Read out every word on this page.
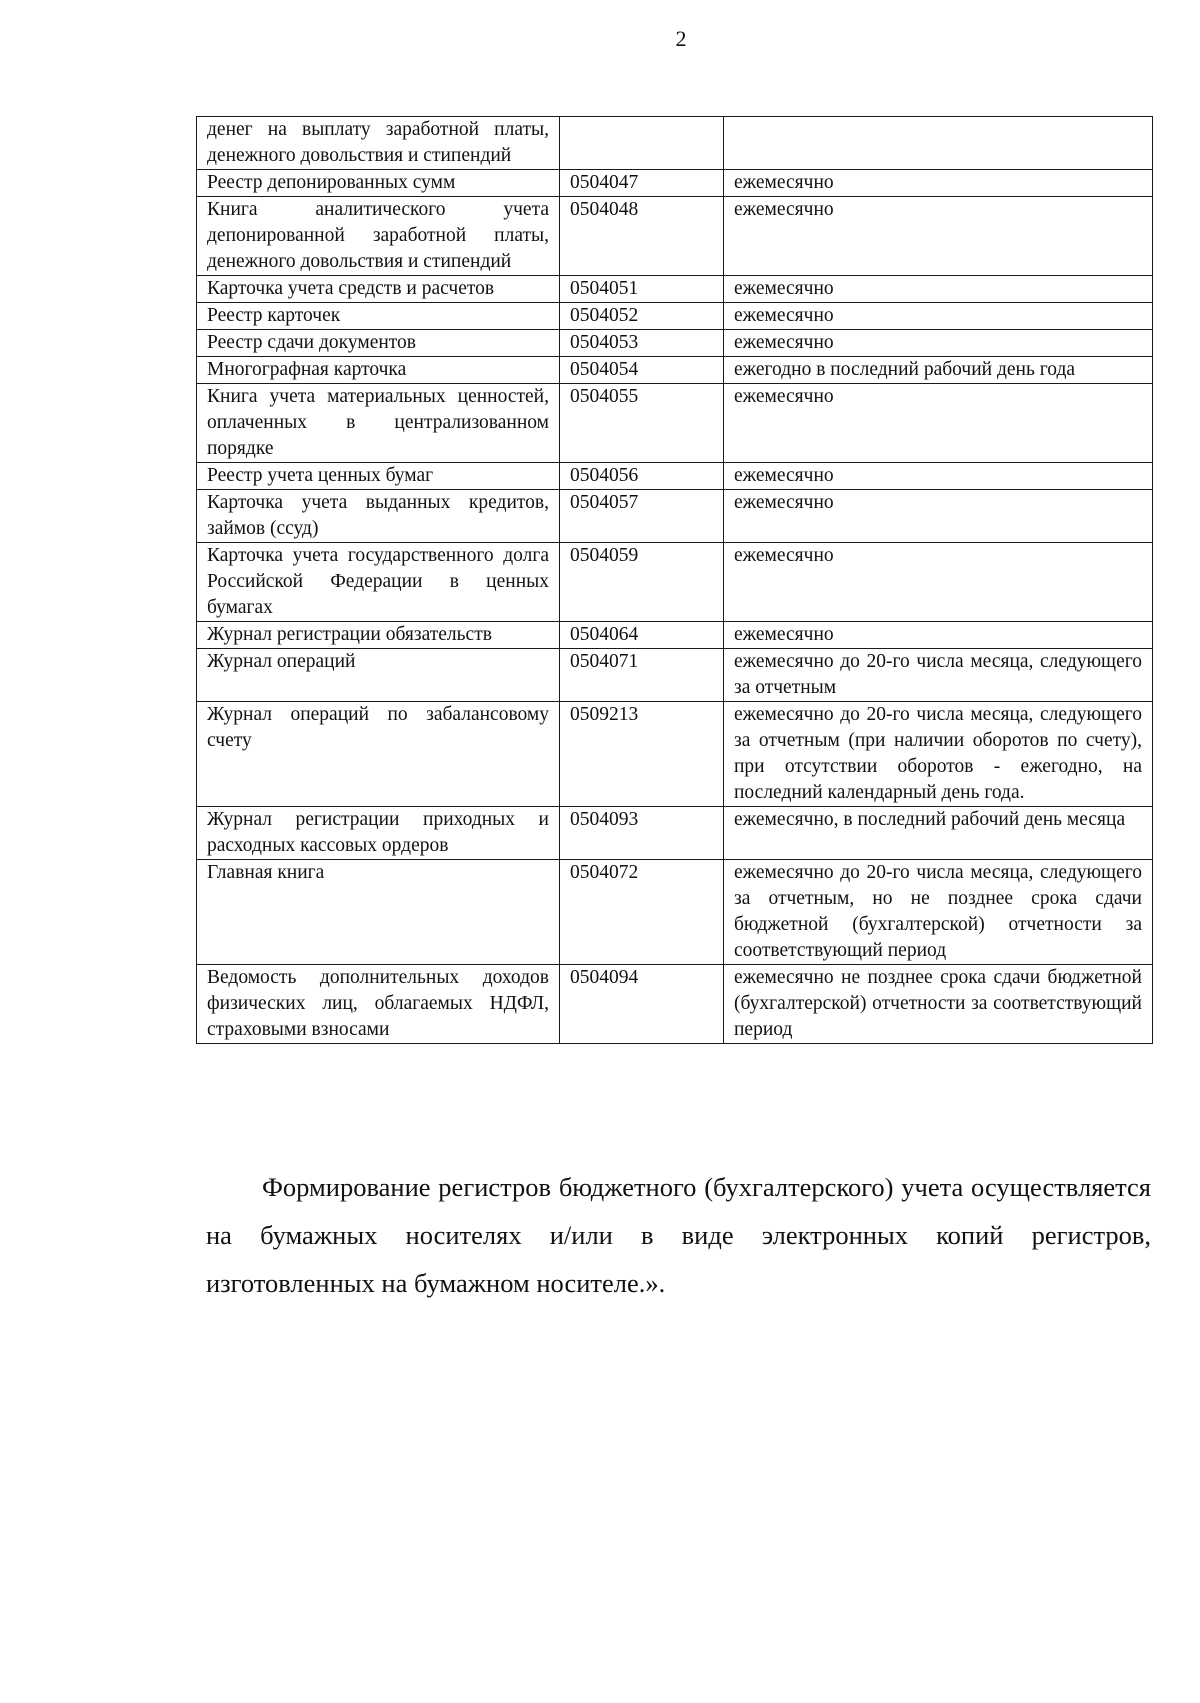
2
денег на выплату заработной платы, денежного довольствия и стипендий		
Реестр депонированных сумм	0504047	ежемесячно
Книга аналитического учета депонированной заработной платы, денежного довольствия и стипендий	0504048	ежемесячно
Карточка учета средств и расчетов	0504051	ежемесячно
Реестр карточек	0504052	ежемесячно
Реестр сдачи документов	0504053	ежемесячно
Многографная карточка	0504054	ежегодно в последний рабочий день года
Книга учета материальных ценностей, оплаченных в централизованном порядке	0504055	ежемесячно
Реестр учета ценных бумаг	0504056	ежемесячно
Карточка учета выданных кредитов, займов (ссуд)	0504057	ежемесячно
Карточка учета государственного долга Российской Федерации в ценных бумагах	0504059	ежемесячно
Журнал регистрации обязательств	0504064	ежемесячно
Журнал операций	0504071	ежемесячно до 20-го числа месяца, следующего за отчетным
Журнал операций по забалансовому счету	0509213	ежемесячно до 20-го числа месяца, следующего за отчетным (при наличии оборотов по счету), при отсутствии оборотов - ежегодно, на последний календарный день года.
Журнал регистрации приходных и расходных кассовых ордеров	0504093	ежемесячно, в последний рабочий день месяца
Главная книга	0504072	ежемесячно до 20-го числа месяца, следующего за отчетным, но не позднее срока сдачи бюджетной (бухгалтерской) отчетности за соответствующий период
Ведомость дополнительных доходов физических лиц, облагаемых НДФЛ, страховыми взносами	0504094	ежемесячно не позднее срока сдачи бюджетной (бухгалтерской) отчетности за соответствующий период

Формирование регистров бюджетного (бухгалтерского) учета осуществляется на бумажных носителях и/или в виде электронных копий регистров, изготовленных на бумажном носителе.».
